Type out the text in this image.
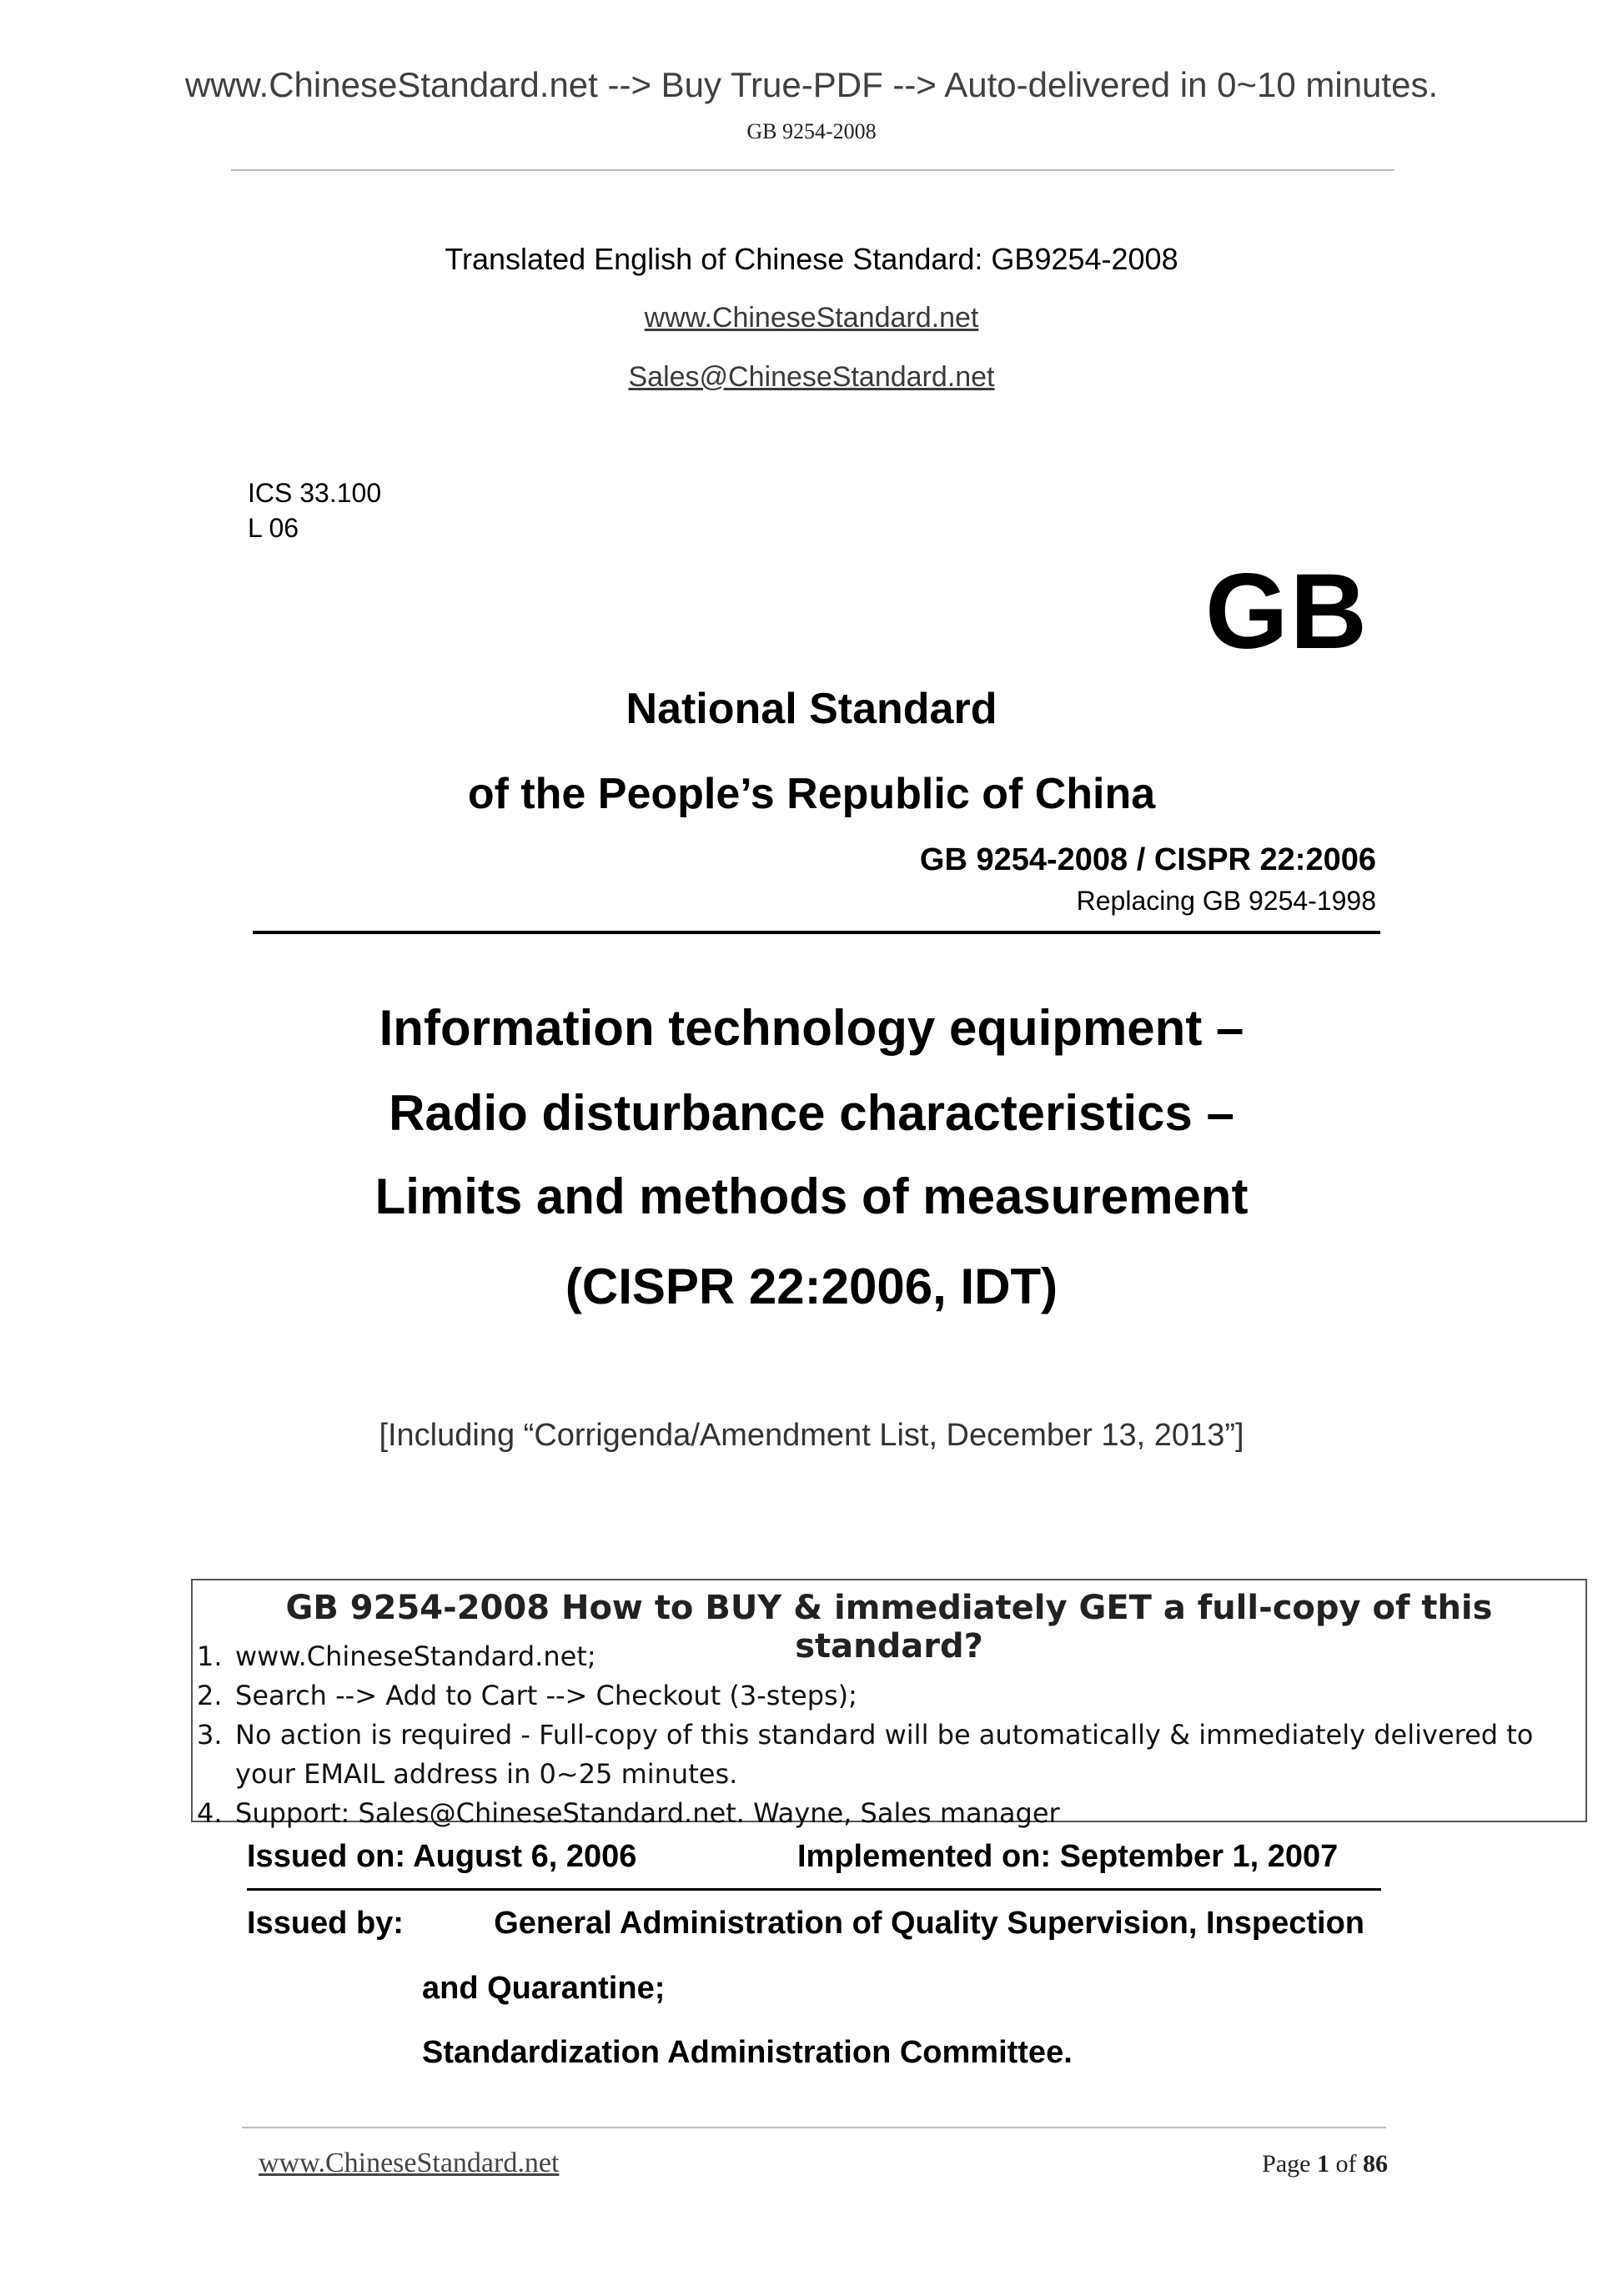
www.ChineseStandard.net --> Buy True-PDF --> Auto-delivered in 0~10 minutes.
GB 9254-2008
Translated English of Chinese Standard: GB9254-2008
www.ChineseStandard.net
Sales@ChineseStandard.net
ICS 33.100
L 06
GB
National Standard
of the People’s Republic of China
GB 9254-2008 / CISPR 22:2006
Replacing GB 9254-1998
Information technology equipment –
Radio disturbance characteristics –
Limits and methods of measurement
(CISPR 22:2006, IDT)
[Including “Corrigenda/Amendment List, December 13, 2013”]
GB 9254-2008 How to BUY & immediately GET a full-copy of this standard?
1. www.ChineseStandard.net;
2. Search --> Add to Cart --> Checkout (3-steps);
3. No action is required - Full-copy of this standard will be automatically & immediately delivered to
your EMAIL address in 0~25 minutes.
4. Support: Sales@ChineseStandard.net. Wayne, Sales manager
Issued on: August 6, 2006	Implemented on: September 1, 2007
Issued by:	General Administration of Quality Supervision, Inspection
and Quarantine;
Standardization Administration Committee.
www.ChineseStandard.net	Page 1 of 86
